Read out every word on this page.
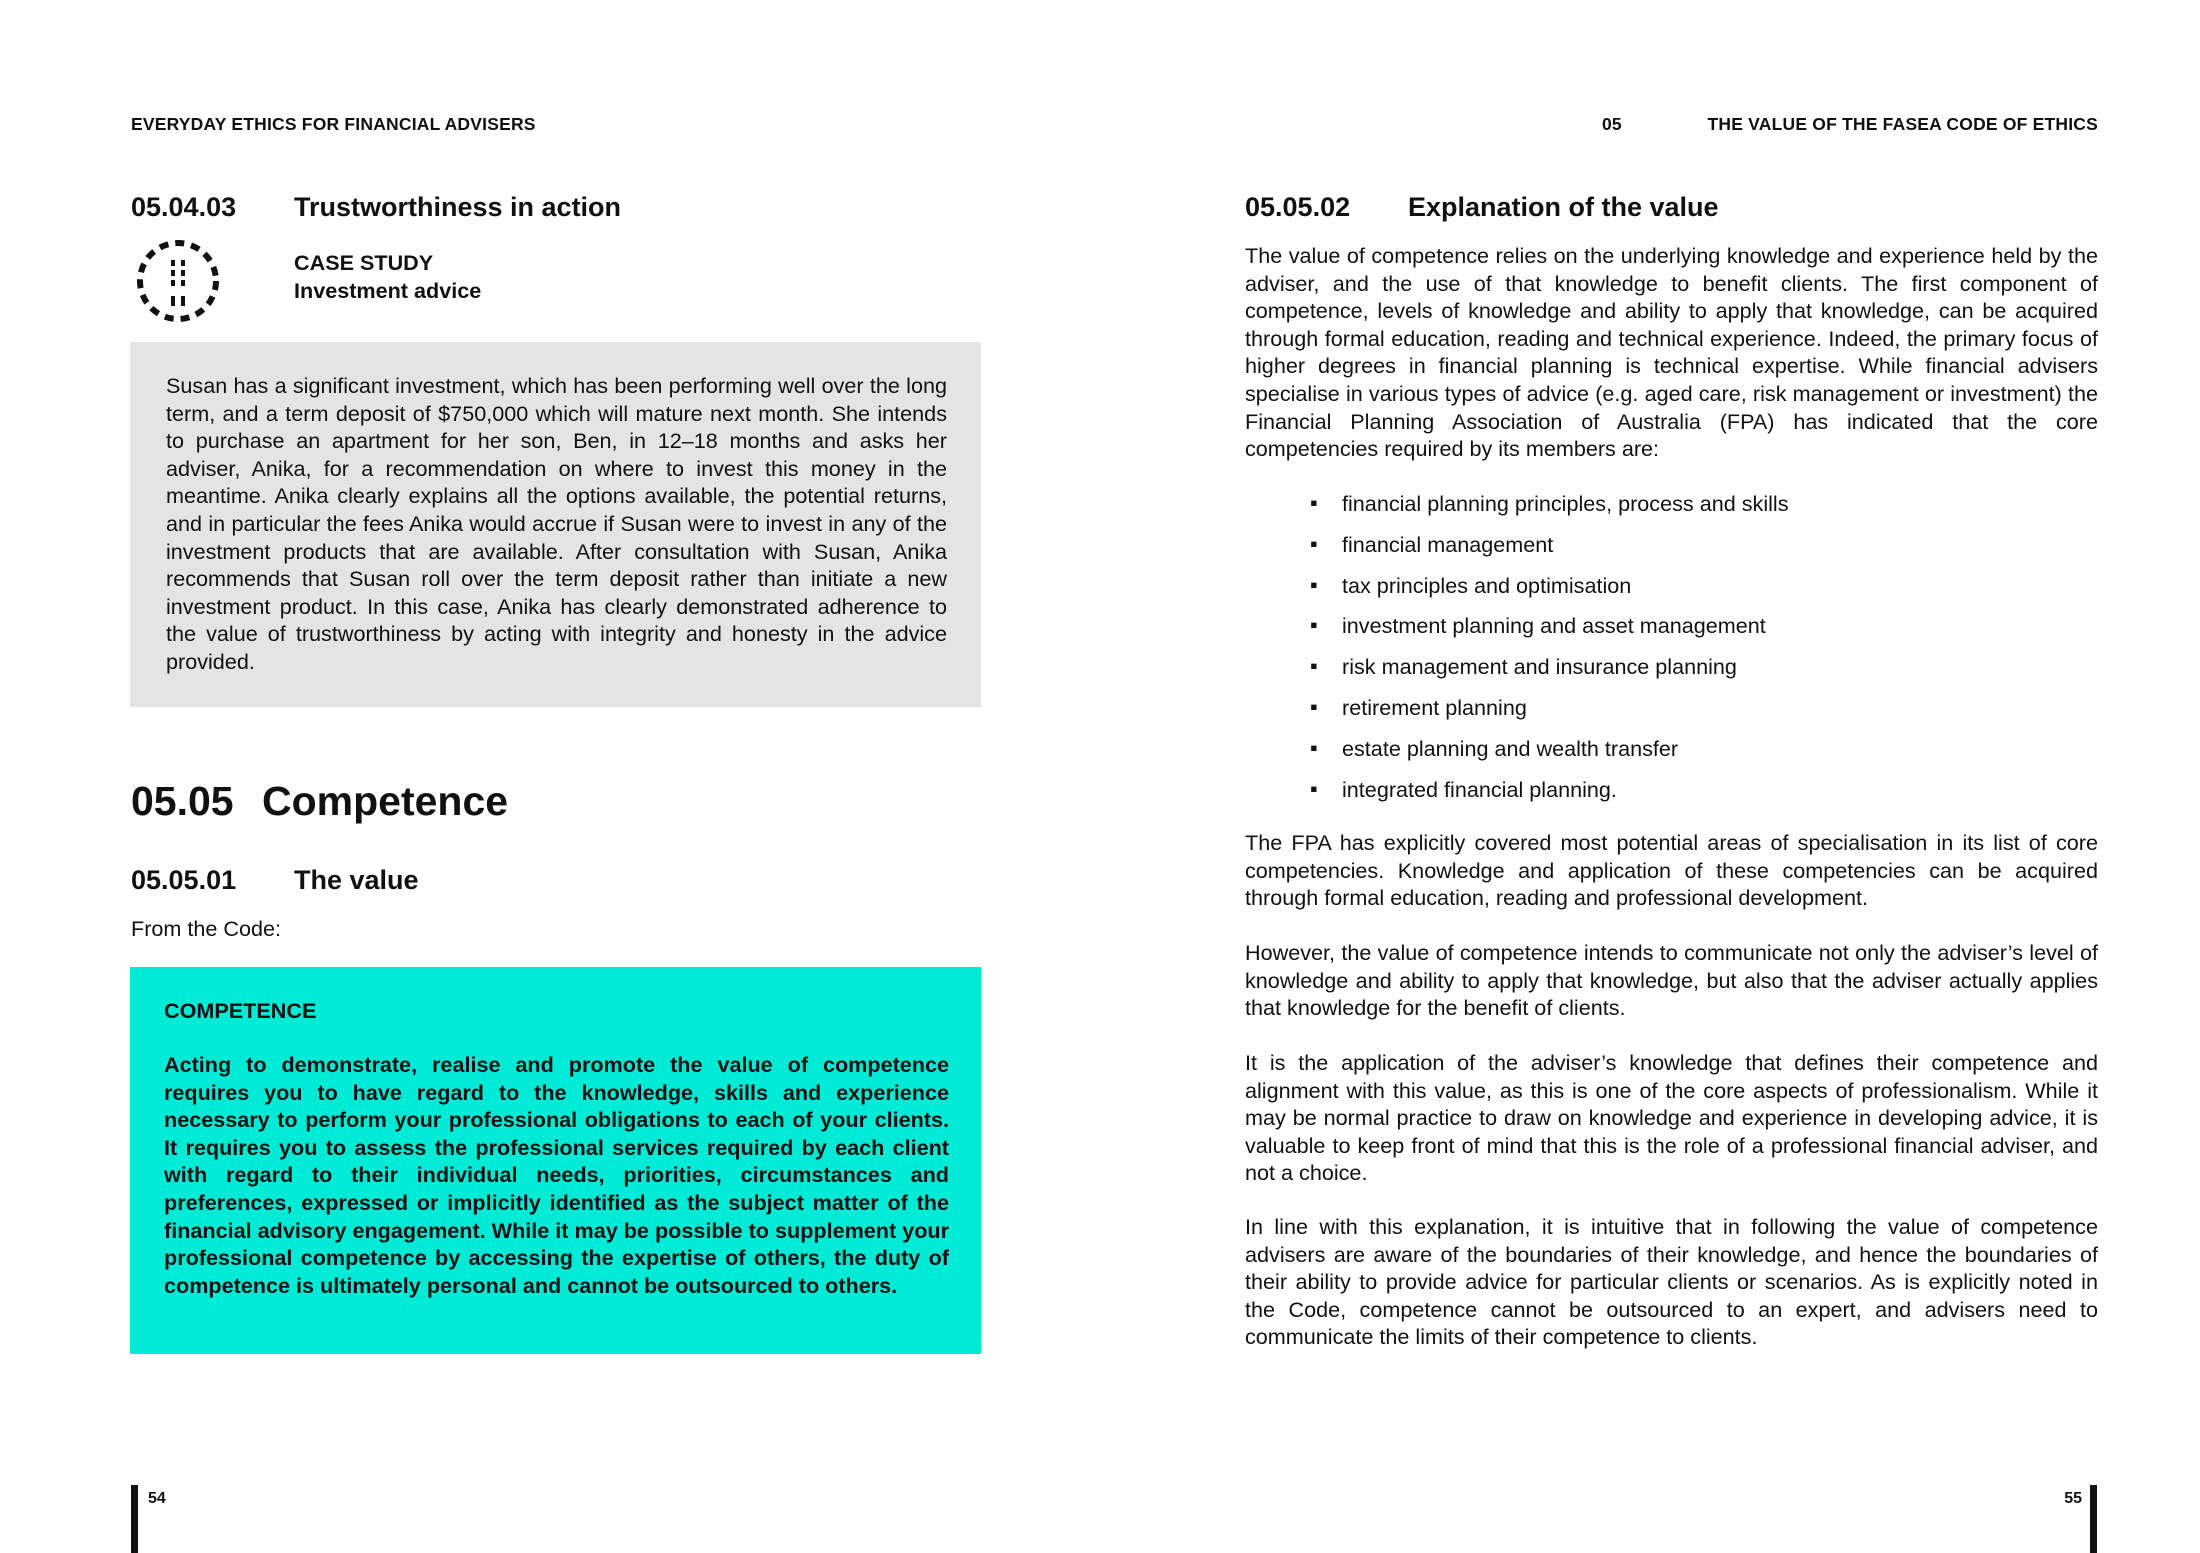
EVERYDAY ETHICS FOR FINANCIAL ADVISERS
05.04.03 Trustworthiness in action
CASE STUDY
Investment advice
Susan has a significant investment, which has been performing well over the long term, and a term deposit of $750,000 which will mature next month. She intends to purchase an apartment for her son, Ben, in 12–18 months and asks her adviser, Anika, for a recommendation on where to invest this money in the meantime. Anika clearly explains all the options available, the potential returns, and in particular the fees Anika would accrue if Susan were to invest in any of the investment products that are available. After consultation with Susan, Anika recommends that Susan roll over the term deposit rather than initiate a new investment product. In this case, Anika has clearly demonstrated adherence to the value of trustworthiness by acting with integrity and honesty in the advice provided.
05.05 Competence
05.05.01 The value
From the Code:
COMPETENCE
Acting to demonstrate, realise and promote the value of competence requires you to have regard to the knowledge, skills and experience necessary to perform your professional obligations to each of your clients. It requires you to assess the professional services required by each client with regard to their individual needs, priorities, circumstances and preferences, expressed or implicitly identified as the subject matter of the financial advisory engagement. While it may be possible to supplement your professional competence by accessing the expertise of others, the duty of competence is ultimately personal and cannot be outsourced to others.
54
05	THE VALUE OF THE FASEA CODE OF ETHICS
05.05.02 Explanation of the value
The value of competence relies on the underlying knowledge and experience held by the adviser, and the use of that knowledge to benefit clients. The first component of competence, levels of knowledge and ability to apply that knowledge, can be acquired through formal education, reading and technical experience. Indeed, the primary focus of higher degrees in financial planning is technical expertise. While financial advisers specialise in various types of advice (e.g. aged care, risk management or investment) the Financial Planning Association of Australia (FPA) has indicated that the core competencies required by its members are:
▪ financial planning principles, process and skills
▪ financial management
▪ tax principles and optimisation
▪ investment planning and asset management
▪ risk management and insurance planning
▪ retirement planning
▪ estate planning and wealth transfer
▪ integrated financial planning.
The FPA has explicitly covered most potential areas of specialisation in its list of core competencies. Knowledge and application of these competencies can be acquired through formal education, reading and professional development.
However, the value of competence intends to communicate not only the adviser’s level of knowledge and ability to apply that knowledge, but also that the adviser actually applies that knowledge for the benefit of clients.
It is the application of the adviser’s knowledge that defines their competence and alignment with this value, as this is one of the core aspects of professionalism. While it may be normal practice to draw on knowledge and experience in developing advice, it is valuable to keep front of mind that this is the role of a professional financial adviser, and not a choice.
In line with this explanation, it is intuitive that in following the value of competence advisers are aware of the boundaries of their knowledge, and hence the boundaries of their ability to provide advice for particular clients or scenarios. As is explicitly noted in the Code, competence cannot be outsourced to an expert, and advisers need to communicate the limits of their competence to clients.
55
